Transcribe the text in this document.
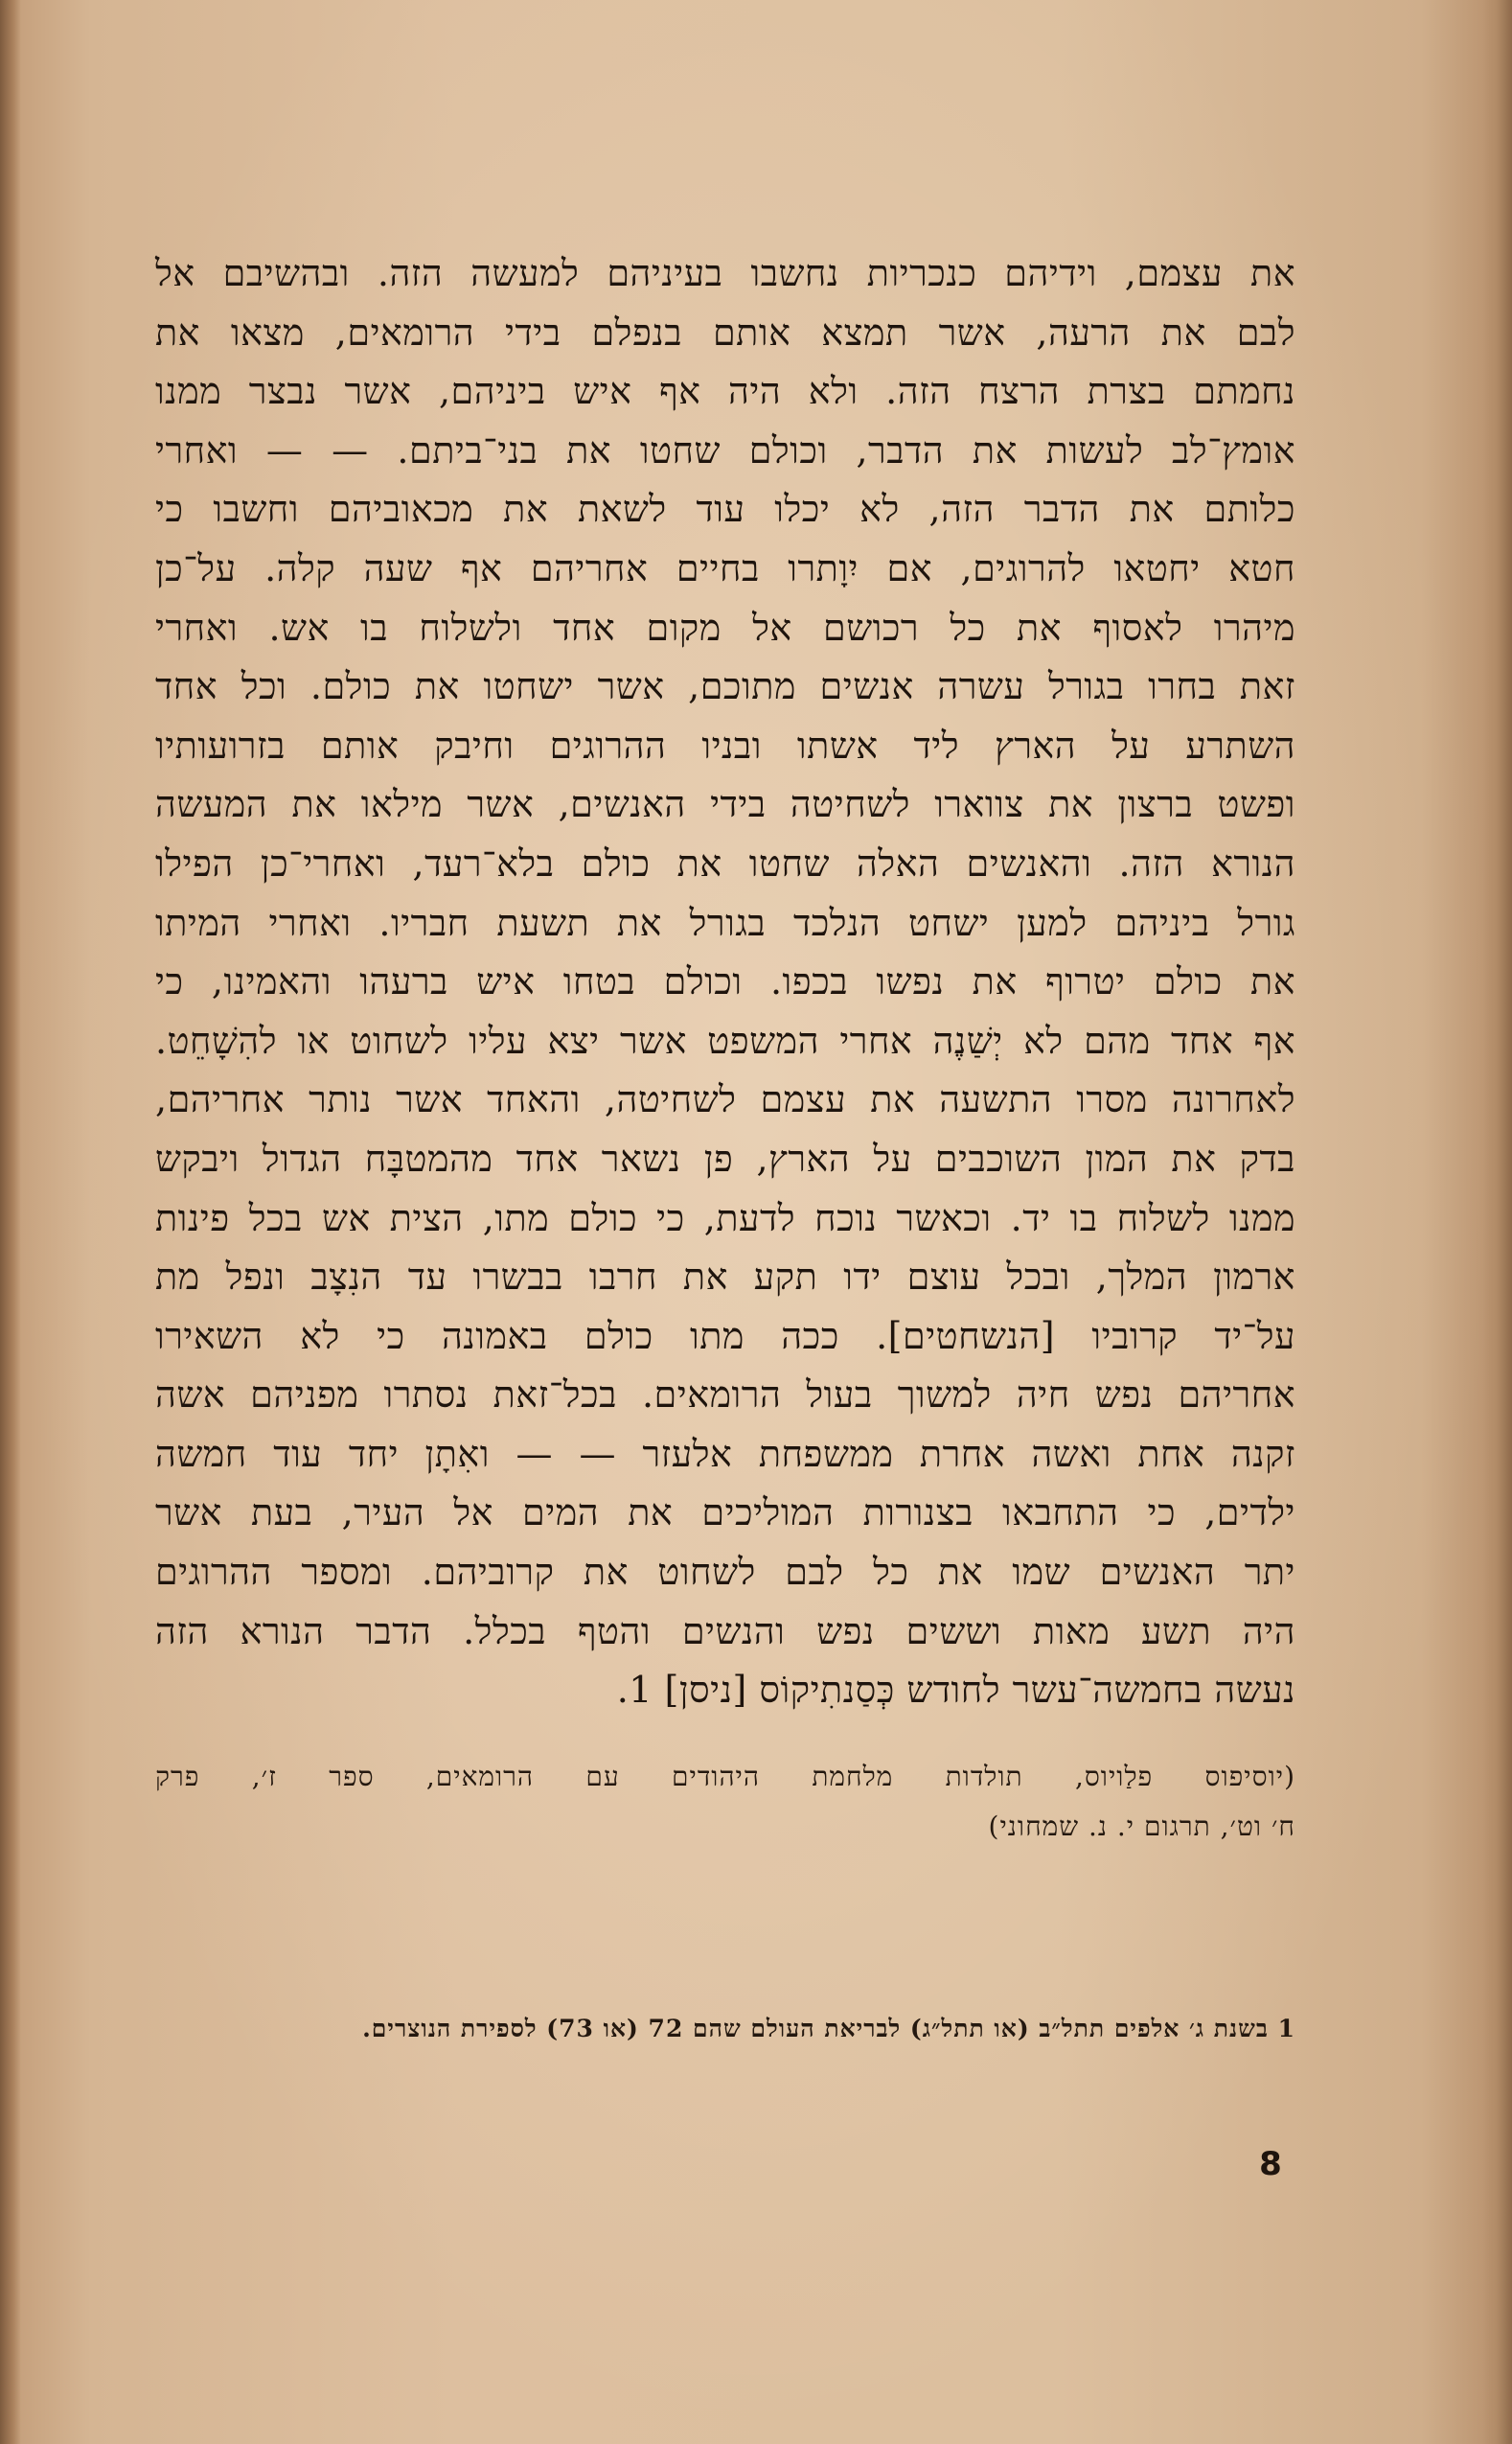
את עצמם, וידיהם כנכריות נחשבו בעיניהם למעשה הזה. ובהשיבם אל
לבם את הרעה, אשר תמצא אותם בנפלם בידי הרומאים, מצאו את
נחמתם בצרת הרצח הזה. ולא היה אף איש ביניהם, אשר נבצר ממנו
אומץ־לב לעשות את הדבר, וכולם שחטו את בני־ביתם. — — ואחרי
כלותם את הדבר הזה, לא יכלו עוד לשאת את מכאוביהם וחשבו כי
חטא יחטאו להרוגים, אם יִוָתרו בחיים אחריהם אף שעה קלה. על־כן
מיהרו לאסוף את כל רכושם אל מקום אחד ולשלוח בו אש. ואחרי
זאת בחרו בגורל עשרה אנשים מתוכם, אשר ישחטו את כולם. וכל אחד
השתרע על הארץ ליד אשתו ובניו ההרוגים וחיבק אותם בזרועותיו
ופשט ברצון את צווארו לשחיטה בידי האנשים, אשר מילאו את המעשה
הנורא הזה. והאנשים האלה שחטו את כולם בלא־רעד, ואחרי־כן הפילו
גורל ביניהם למען ישחט הנלכד בגורל את תשעת חבריו. ואחרי המיתו
את כולם יטרוף את נפשו בכפו. וכולם בטחו איש ברעהו והאמינו, כי
אף אחד מהם לא יְשַׁנֶה אחרי המשפט אשר יצא עליו לשחוט או להִשָׁחֵט.
לאחרונה מסרו התשעה את עצמם לשחיטה, והאחד אשר נותר אחריהם,
בדק את המון השוכבים על הארץ, פן נשאר אחד מהמטבָּח הגדול ויבקש
ממנו לשלוח בו יד. וכאשר נוכח לדעת, כי כולם מתו, הצית אש בכל פינות
ארמון המלך, ובכל עוצם ידו תקע את חרבו בבשרו עד הנִצָב ונפל מת
על־יד קרוביו [הנשחטים]. ככה מתו כולם באמונה כי לא השאירו
אחריהם נפש חיה למשוך בעול הרומאים. בכל־זאת נסתרו מפניהם אשה
זקנה אחת ואשה אחרת ממשפחת אלעזר — — ואִתָן יחד עוד חמשה
ילדים, כי התחבאו בצנורות המוליכים את המים אל העיר, בעת אשר
יתר האנשים שמו את כל לבם לשחוט את קרוביהם. ומספר ההרוגים
היה תשע מאות וששים נפש והנשים והטף בכלל. הדבר הנורא הזה
נעשה בחמשה־עשר לחודש כְּסַנתִיקוֹס [ניסן] 1.
(יוסיפוס פלַויוס, תולדות מלחמת היהודים עם הרומאים, ספר ז׳, פרק
ח׳ וט׳, תרגום י. נ. שמחוני)
1 בשנת ג׳ אלפים תתל״ב (או תתל״ג) לבריאת העולם שהם 72 (או 73) לספירת הנוצרים.
8
